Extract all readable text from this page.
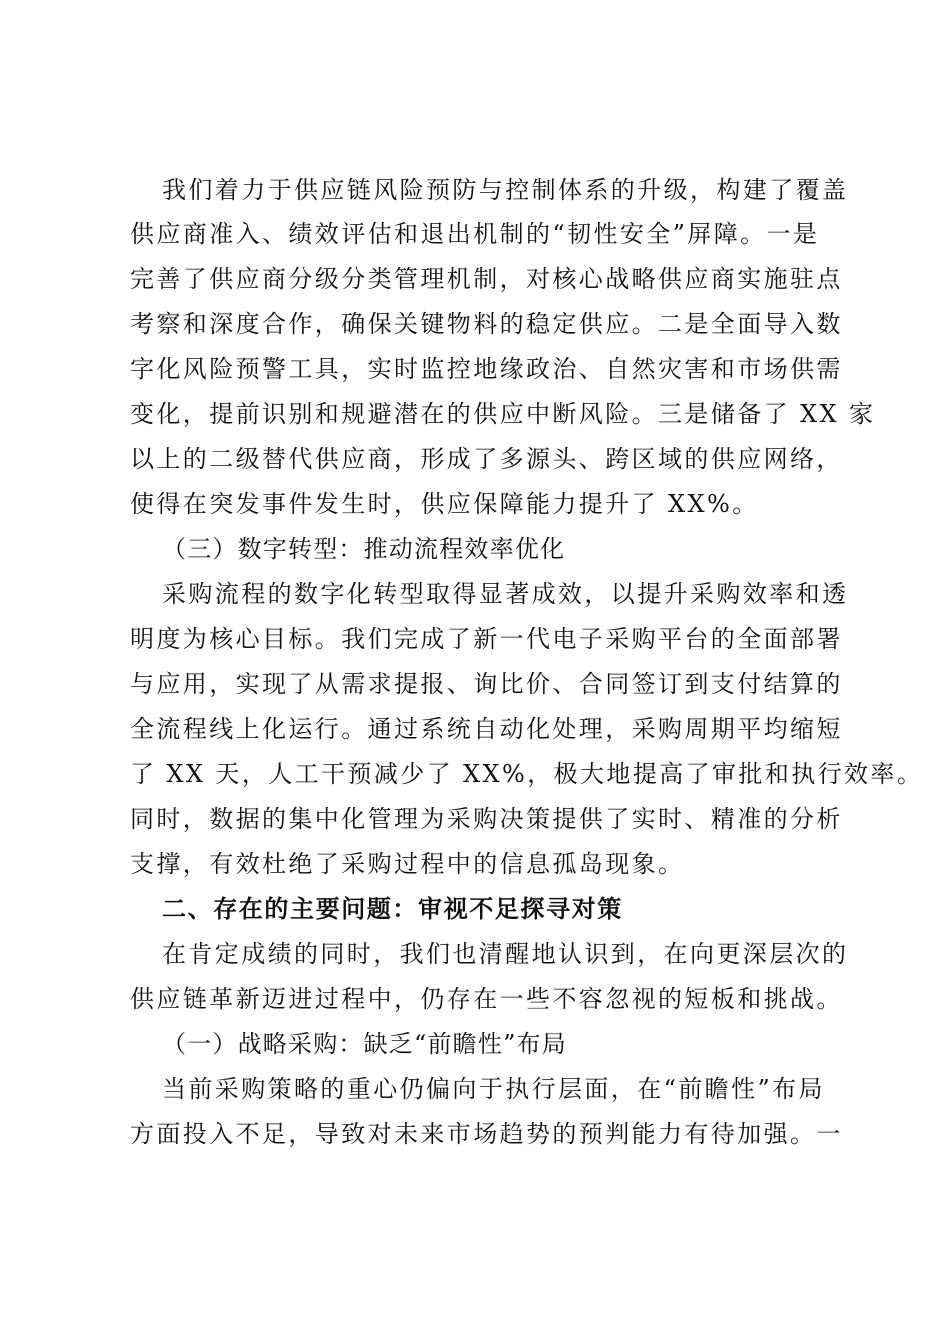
我们着力于供应链风险预防与控制体系的升级，构建了覆盖
供应商准入、绩效评估和退出机制的“韧性安全”屏障。一是
完善了供应商分级分类管理机制，对核心战略供应商实施驻点
考察和深度合作，确保关键物料的稳定供应。二是全面导入数
字化风险预警工具，实时监控地缘政治、自然灾害和市场供需
变化，提前识别和规避潜在的供应中断风险。三是储备了 XX 家
以上的二级替代供应商，形成了多源头、跨区域的供应网络，
使得在突发事件发生时，供应保障能力提升了 XX%。
（三）数字转型：推动流程效率优化
采购流程的数字化转型取得显著成效，以提升采购效率和透
明度为核心目标。我们完成了新一代电子采购平台的全面部署
与应用，实现了从需求提报、询比价、合同签订到支付结算的
全流程线上化运行。通过系统自动化处理，采购周期平均缩短
了 XX 天，人工干预减少了 XX%，极大地提高了审批和执行效率。
同时，数据的集中化管理为采购决策提供了实时、精准的分析
支撑，有效杜绝了采购过程中的信息孤岛现象。
二、存在的主要问题：审视不足探寻对策
在肯定成绩的同时，我们也清醒地认识到，在向更深层次的
供应链革新迈进过程中，仍存在一些不容忽视的短板和挑战。
（一）战略采购：缺乏“前瞻性”布局
当前采购策略的重心仍偏向于执行层面，在“前瞻性”布局
方面投入不足，导致对未来市场趋势的预判能力有待加强。一
